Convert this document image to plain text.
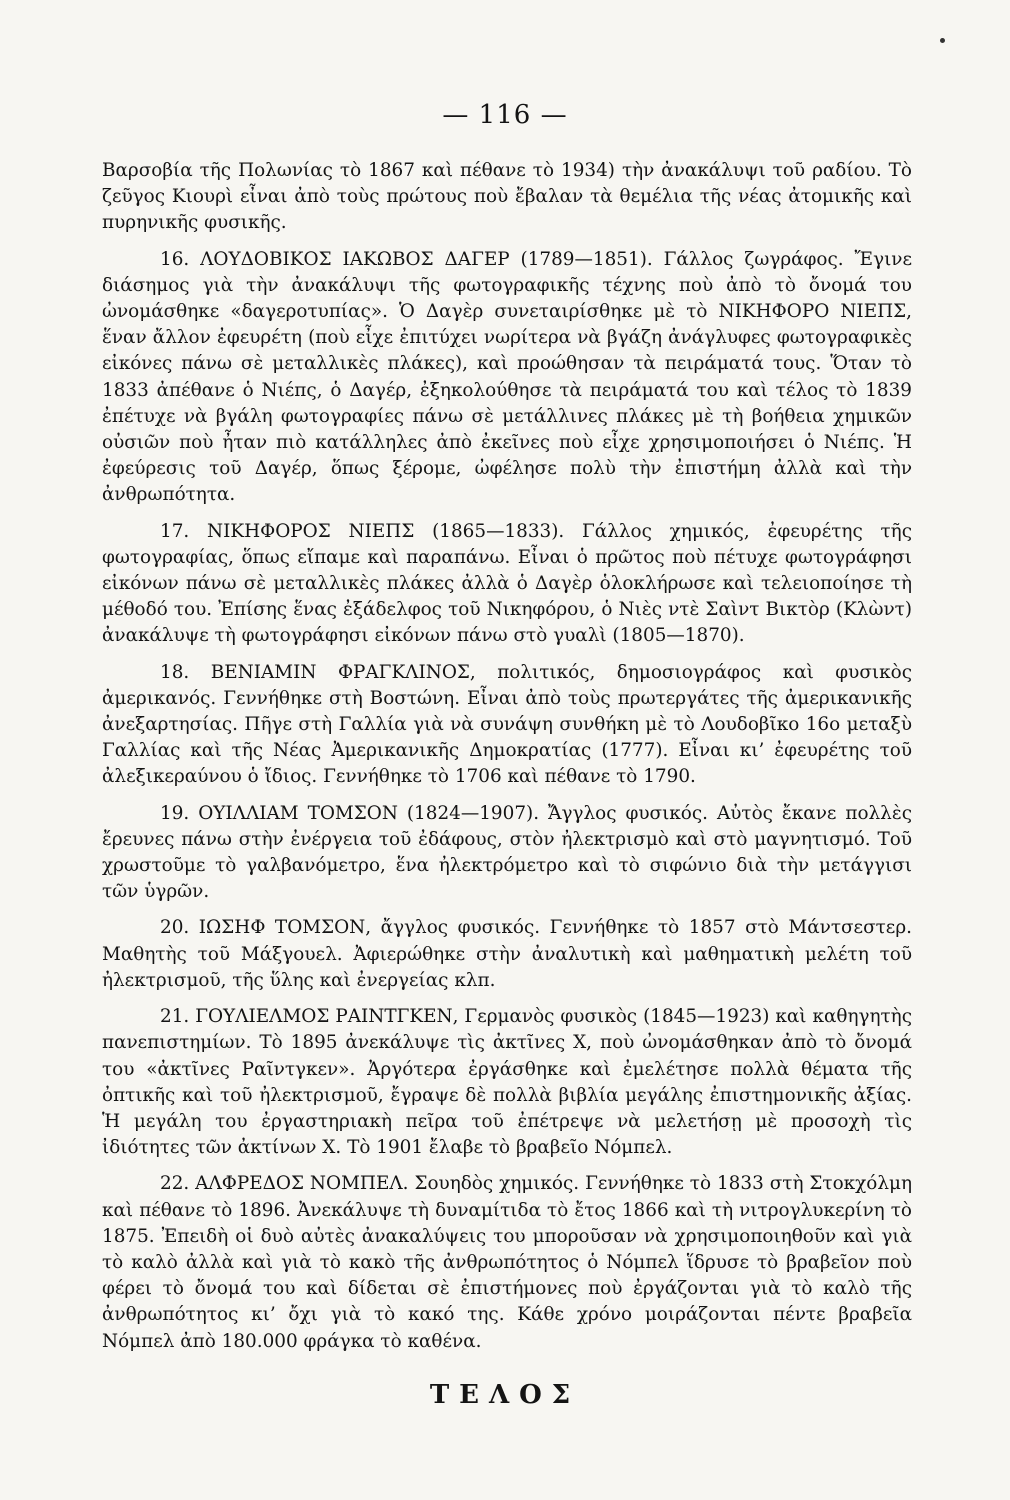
— 116 —

Βαρσοβία τῆς Πολωνίας τὸ 1867 καὶ πέθανε τὸ 1934) τὴν ἀνακάλυψι τοῦ ραδίου. Τὸ ζεῦγος Κιουρὶ εἶναι ἀπὸ τοὺς πρώτους ποὺ ἔβαλαν τὰ θεμέλια τῆς νέας ἀτομικῆς καὶ πυρηνικῆς φυσικῆς.

16. ΛΟΥΔΟΒΙΚΟΣ ΙΑΚΩΒΟΣ ΔΑΓΕΡ (1789—1851). Γάλλος ζωγράφος. Ἔγινε διάσημος γιὰ τὴν ἀνακάλυψι τῆς φωτογραφικῆς τέχνης ποὺ ἀπὸ τὸ ὄνομά του ὠνομάσθηκε «δαγεροτυπίας». Ὁ Δαγὲρ συνεταιρίσθηκε μὲ τὸ ΝΙΚΗΦΟΡΟ ΝΙΕΠΣ, ἕναν ἄλλον ἐφευρέτη (ποὺ εἶχε ἐπιτύχει νωρίτερα νὰ βγάζη ἀνάγλυφες φωτογραφικὲς εἰκόνες πάνω σὲ μεταλλικὲς πλάκες), καὶ προώθησαν τὰ πειράματά τους. Ὅταν τὸ 1833 ἀπέθανε ὁ Νιέπς, ὁ Δαγέρ, ἐξηκολούθησε τὰ πειράματά του καὶ τέλος τὸ 1839 ἐπέτυχε νὰ βγάλη φωτογραφίες πάνω σὲ μετάλλινες πλάκες μὲ τὴ βοήθεια χημικῶν οὐσιῶν ποὺ ἦταν πιὸ κατάλληλες ἀπὸ ἐκεῖνες ποὺ εἶχε χρησιμοποιήσει ὁ Νιέπς. Ἡ ἐφεύρεσις τοῦ Δαγέρ, ὅπως ξέρομε, ὠφέλησε πολὺ τὴν ἐπιστήμη ἀλλὰ καὶ τὴν ἀνθρωπότητα.

17. ΝΙΚΗΦΟΡΟΣ ΝΙΕΠΣ (1865—1833). Γάλλος χημικός, ἐφευρέτης τῆς φωτογραφίας, ὅπως εἴπαμε καὶ παραπάνω. Εἶναι ὁ πρῶτος ποὺ πέτυχε φωτογράφησι εἰκόνων πάνω σὲ μεταλλικὲς πλάκες ἀλλὰ ὁ Δαγὲρ ὁλοκλήρωσε καὶ τελειοποίησε τὴ μέθοδό του. Ἐπίσης ἕνας ἐξάδελφος τοῦ Νικηφόρου, ὁ Νιὲς ντὲ Σαὶντ Βικτὸρ (Κλὼντ) ἀνακάλυψε τὴ φωτογράφησι εἰκόνων πάνω στὸ γυαλὶ (1805—1870).

18. ΒΕΝΙΑΜΙΝ ΦΡΑΓΚΛΙΝΟΣ, πολιτικός, δημοσιογράφος καὶ φυσικὸς ἀμερικανός. Γεννήθηκε στὴ Βοστώνη. Εἶναι ἀπὸ τοὺς πρωτεργάτες τῆς ἀμερικανικῆς ἀνεξαρτησίας. Πῆγε στὴ Γαλλία γιὰ νὰ συνάψη συνθήκη μὲ τὸ Λουδοβῖκο 16ο μεταξὺ Γαλλίας καὶ τῆς Νέας Ἀμερικανικῆς Δημοκρατίας (1777). Εἶναι κι’ ἐφευρέτης τοῦ ἀλεξικεραύνου ὁ ἴδιος. Γεννήθηκε τὸ 1706 καὶ πέθανε τὸ 1790.

19. ΟΥΙΛΛΙΑΜ ΤΟΜΣΟΝ (1824—1907). Ἄγγλος φυσικός. Αὐτὸς ἔκανε πολλὲς ἔρευνες πάνω στὴν ἐνέργεια τοῦ ἐδάφους, στὸν ἠλεκτρισμὸ καὶ στὸ μαγνητισμό. Τοῦ χρωστοῦμε τὸ γαλβανόμετρο, ἕνα ἠλεκτρόμετρο καὶ τὸ σιφώνιο διὰ τὴν μετάγγισι τῶν ὑγρῶν.

20. ΙΩΣΗΦ ΤΟΜΣΟΝ, ἄγγλος φυσικός. Γεννήθηκε τὸ 1857 στὸ Μάντσεστερ. Μαθητὴς τοῦ Μάξγουελ. Ἀφιερώθηκε στὴν ἀναλυτικὴ καὶ μαθηματικὴ μελέτη τοῦ ἠλεκτρισμοῦ, τῆς ὕλης καὶ ἐνεργείας κλπ.

21. ΓΟΥΛΙΕΛΜΟΣ ΡΑΙΝΤΓΚΕΝ, Γερμανὸς φυσικὸς (1845—1923) καὶ καθηγητὴς πανεπιστημίων. Τὸ 1895 ἀνεκάλυψε τὶς ἀκτῖνες Χ, ποὺ ὠνομάσθηκαν ἀπὸ τὸ ὄνομά του «ἀκτῖνες Ραῖντγκεν». Ἀργότερα ἐργάσθηκε καὶ ἐμελέτησε πολλὰ θέματα τῆς ὀπτικῆς καὶ τοῦ ἠλεκτρισμοῦ, ἔγραψε δὲ πολλὰ βιβλία μεγάλης ἐπιστημονικῆς ἀξίας. Ἡ μεγάλη του ἐργαστηριακὴ πεῖρα τοῦ ἐπέτρεψε νὰ μελετήσῃ μὲ προσοχὴ τὶς ἰδιότητες τῶν ἀκτίνων Χ. Τὸ 1901 ἔλαβε τὸ βραβεῖο Νόμπελ.

22. ΑΛΦΡΕΔΟΣ ΝΟΜΠΕΛ. Σουηδὸς χημικός. Γεννήθηκε τὸ 1833 στὴ Στοκχόλμη καὶ πέθανε τὸ 1896. Ἀνεκάλυψε τὴ δυναμίτιδα τὸ ἔτος 1866 καὶ τὴ νιτρογλυκερίνη τὸ 1875. Ἐπειδὴ οἱ δυὸ αὐτὲς ἀνακαλύψεις του μποροῦσαν νὰ χρησιμοποιηθοῦν καὶ γιὰ τὸ καλὸ ἀλλὰ καὶ γιὰ τὸ κακὸ τῆς ἀνθρωπότητος ὁ Νόμπελ ἵδρυσε τὸ βραβεῖον ποὺ φέρει τὸ ὄνομά του καὶ δίδεται σὲ ἐπιστήμονες ποὺ ἐργάζονται γιὰ τὸ καλὸ τῆς ἀνθρωπότητος κι’ ὄχι γιὰ τὸ κακό της. Κάθε χρόνο μοιράζονται πέντε βραβεῖα Νόμπελ ἀπὸ 180.000 φράγκα τὸ καθένα.

ΤΕΛΟΣ
